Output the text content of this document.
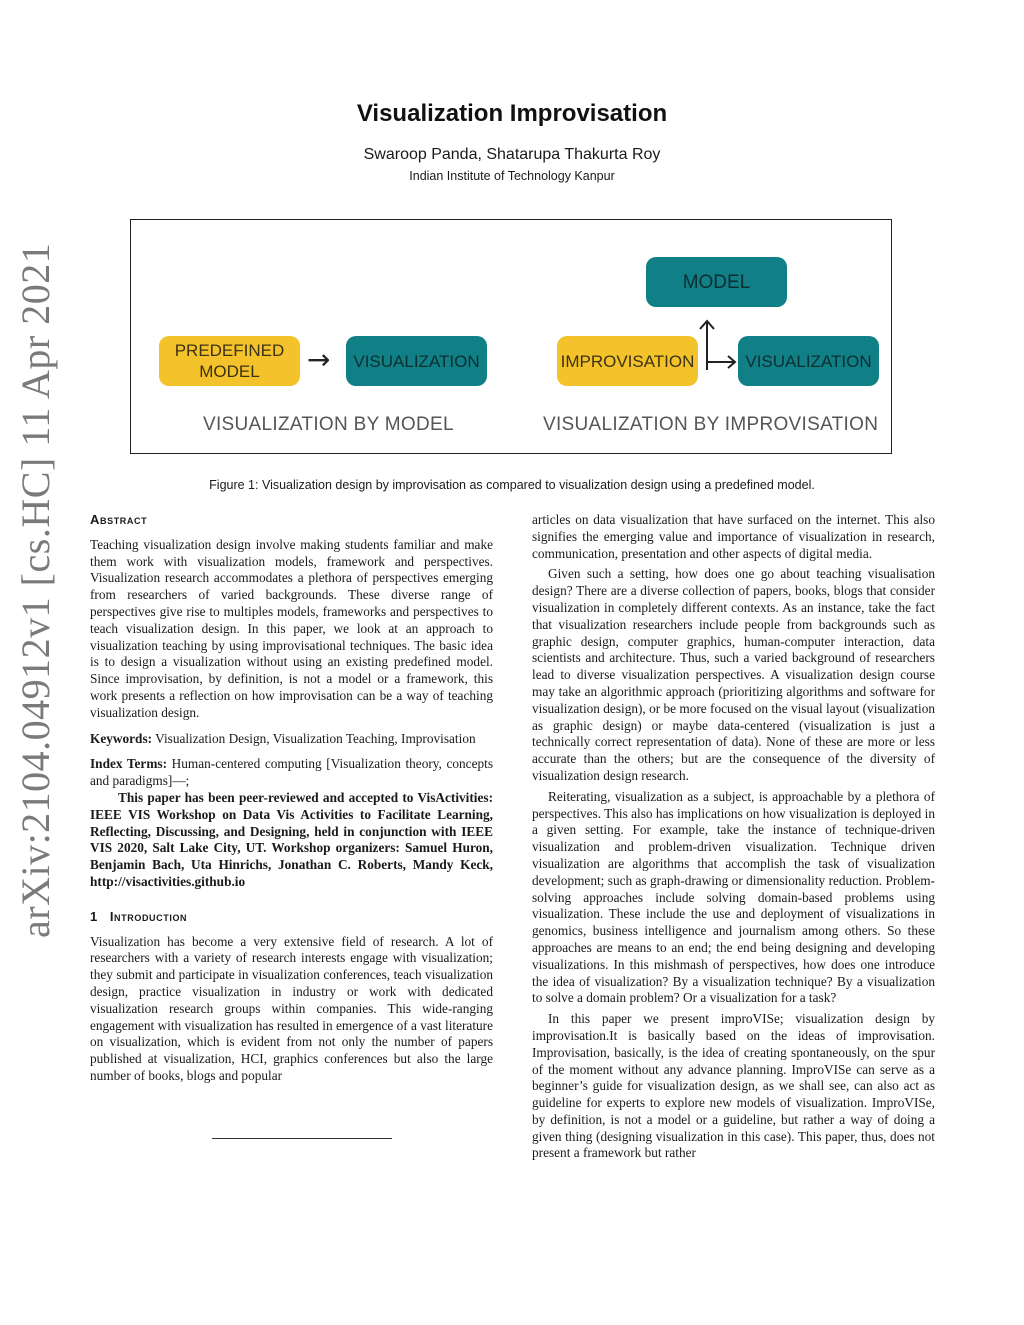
arXiv:2104.04912v1 [cs.HC] 11 Apr 2021
Visualization Improvisation
Swaroop Panda, Shatarupa Thakurta Roy
Indian Institute of Technology Kanpur
PREDEFINED
MODEL	→	VISUALIZATION
VISUALIZATION BY MODEL
MODEL
IMPROVISATION	VISUALIZATION
VISUALIZATION BY IMPROVISATION
Figure 1: Visualization design by improvisation as compared to visualization design using a predefined model.
Abstract

Teaching visualization design involve making students familiar and make them work with visualization models, framework and perspectives. Visualization research accommodates a plethora of perspectives emerging from researchers of varied backgrounds. These diverse range of perspectives give rise to multiples models, frameworks and perspectives to teach visualization design. In this paper, we look at an approach to visualization teaching by using improvisational techniques. The basic idea is to design a visualization without using an existing predefined model. Since improvisation, by definition, is not a model or a framework, this work presents a reflection on how improvisation can be a way of teaching visualization design.

Keywords: Visualization Design, Visualization Teaching, Improvisation

Index Terms: Human-centered computing [Visualization theory, concepts and paradigms]—;

This paper has been peer-reviewed and accepted to VisActivities: IEEE VIS Workshop on Data Vis Activities to Facilitate Learning, Reflecting, Discussing, and Designing, held in conjunction with IEEE VIS 2020, Salt Lake City, UT. Workshop organizers: Samuel Huron, Benjamin Bach, Uta Hinrichs, Jonathan C. Roberts, Mandy Keck, http://visactivities.github.io

1 Introduction

Visualization has become a very extensive field of research. A lot of researchers with a variety of research interests engage with visualization; they submit and participate in visualization conferences, teach visualization design, practice visualization in industry or work with dedicated visualization research groups within companies. This wide-ranging engagement with visualization has resulted in emergence of a vast literature on visualization, which is evident from not only the number of papers published at visualization, HCI, graphics conferences but also the large number of books, blogs and popular

articles on data visualization that have surfaced on the internet. This also signifies the emerging value and importance of visualization in research, communication, presentation and other aspects of digital media.

Given such a setting, how does one go about teaching visualisation design? There are a diverse collection of papers, books, blogs that consider visualization in completely different contexts. As an instance, take the fact that visualization researchers include people from backgrounds such as graphic design, computer graphics, human-computer interaction, data scientists and architecture. Thus, such a varied background of researchers lead to diverse visualization perspectives. A visualization design course may take an algorithmic approach (prioritizing algorithms and software for visualization design), or be more focused on the visual layout (visualization as graphic design) or maybe data-centered (visualization is just a technically correct representation of data). None of these are more or less accurate than the others; but are the consequence of the diversity of visualization design research.

Reiterating, visualization as a subject, is approachable by a plethora of perspectives. This also has implications on how visualization is deployed in a given setting. For example, take the instance of technique-driven visualization and problem-driven visualization. Technique driven visualization are algorithms that accomplish the task of visualization development; such as graph-drawing or dimensionality reduction. Problem-solving approaches include solving domain-based problems using visualization. These include the use and deployment of visualizations in genomics, business intelligence and journalism among others. So these approaches are means to an end; the end being designing and developing visualizations. In this mishmash of perspectives, how does one introduce the idea of visualization? By a visualization technique? By a visualization to solve a domain problem? Or a visualization for a task?

In this paper we present improVISe; visualization design by improvisation.It is basically based on the ideas of improvisation. Improvisation, basically, is the idea of creating spontaneously, on the spur of the moment without any advance planning. ImproVISe can serve as a beginner’s guide for visualization design, as we shall see, can also act as guideline for experts to explore new models of visualization. ImproVISe, by definition, is not a model or a guideline, but rather a way of doing a given thing (designing visualization in this case). This paper, thus, does not present a framework but rather
